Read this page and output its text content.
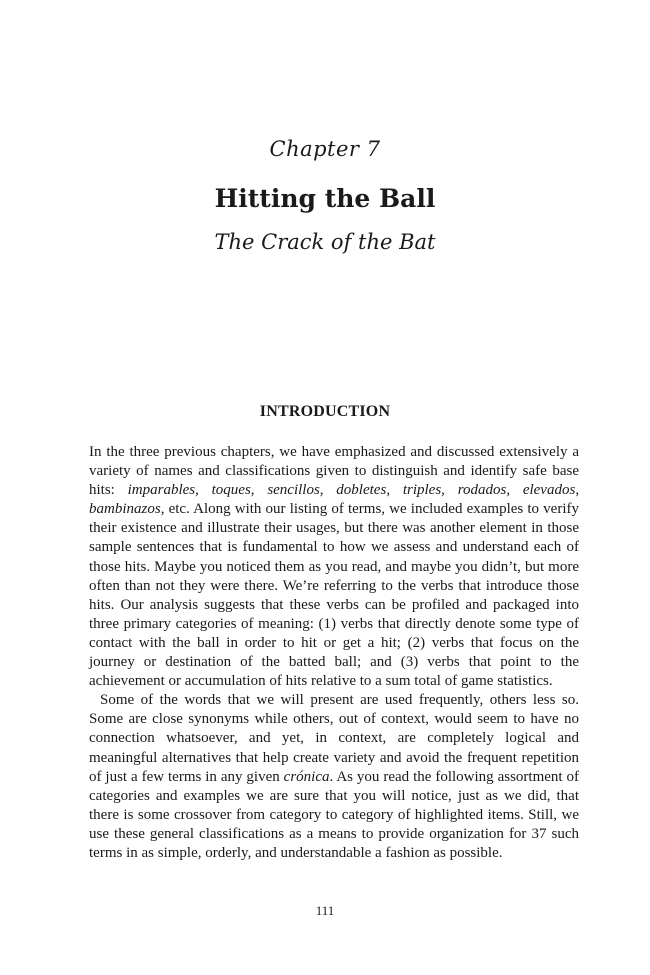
Chapter 7
Hitting the Ball
The Crack of the Bat
INTRODUCTION

In the three previous chapters, we have emphasized and discussed extensively a variety of names and classifications given to distinguish and identify safe base hits: imparables, toques, sencillos, dobletes, triples, rodados, elevados, bambinazos, etc. Along with our listing of terms, we included examples to verify their existence and illustrate their usages, but there was another element in those sample sentences that is fundamental to how we assess and understand each of those hits. Maybe you noticed them as you read, and maybe you didn’t, but more often than not they were there. We’re referring to the verbs that introduce those hits. Our analysis suggests that these verbs can be profiled and packaged into three primary categories of meaning: (1) verbs that directly denote some type of contact with the ball in order to hit or get a hit; (2) verbs that focus on the journey or destination of the batted ball; and (3) verbs that point to the achievement or accumulation of hits relative to a sum total of game statistics.

Some of the words that we will present are used frequently, others less so. Some are close synonyms while others, out of context, would seem to have no connection whatsoever, and yet, in context, are completely logical and meaningful alternatives that help create variety and avoid the frequent repetition of just a few terms in any given crónica. As you read the following assortment of categories and examples we are sure that you will notice, just as we did, that there is some crossover from category to category of highlighted items. Still, we use these general classifications as a means to provide organization for 37 such terms in as simple, orderly, and understandable a fashion as possible.

111
